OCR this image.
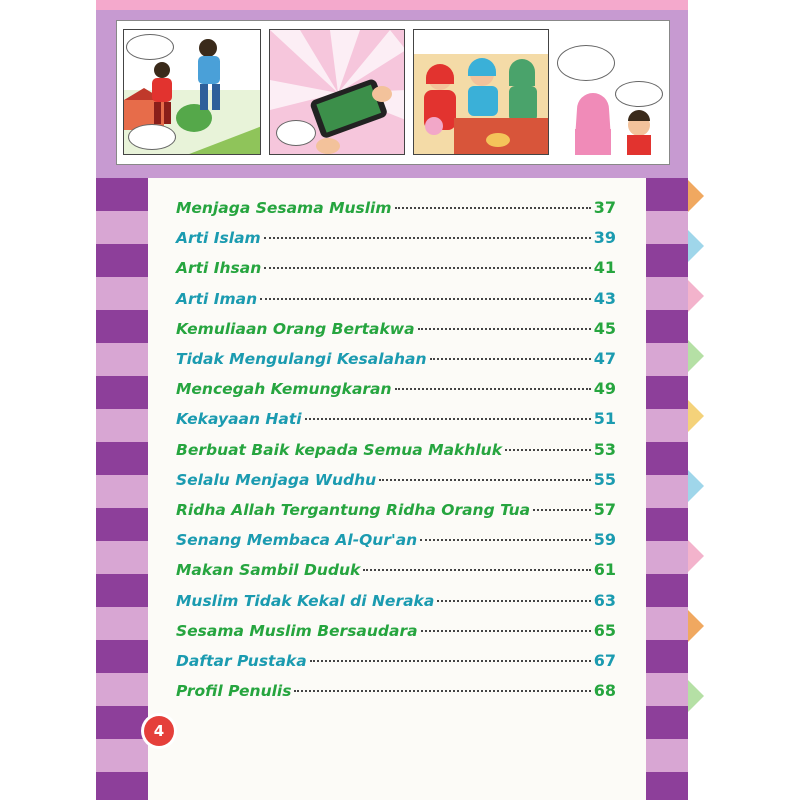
Menjaga Sesama Muslim	37
Arti Islam	39
Arti Ihsan	41
Arti Iman	43
Kemuliaan Orang Bertakwa	45
Tidak Mengulangi Kesalahan	47
Mencegah Kemungkaran	49
Kekayaan Hati	51
Berbuat Baik kepada Semua Makhluk	53
Selalu Menjaga Wudhu	55
Ridha Allah Tergantung Ridha Orang Tua	57
Senang Membaca Al-Qur'an	59
Makan Sambil Duduk	61
Muslim Tidak Kekal di Neraka	63
Sesama Muslim Bersaudara	65
Daftar Pustaka	67
Profil Penulis	68
4
